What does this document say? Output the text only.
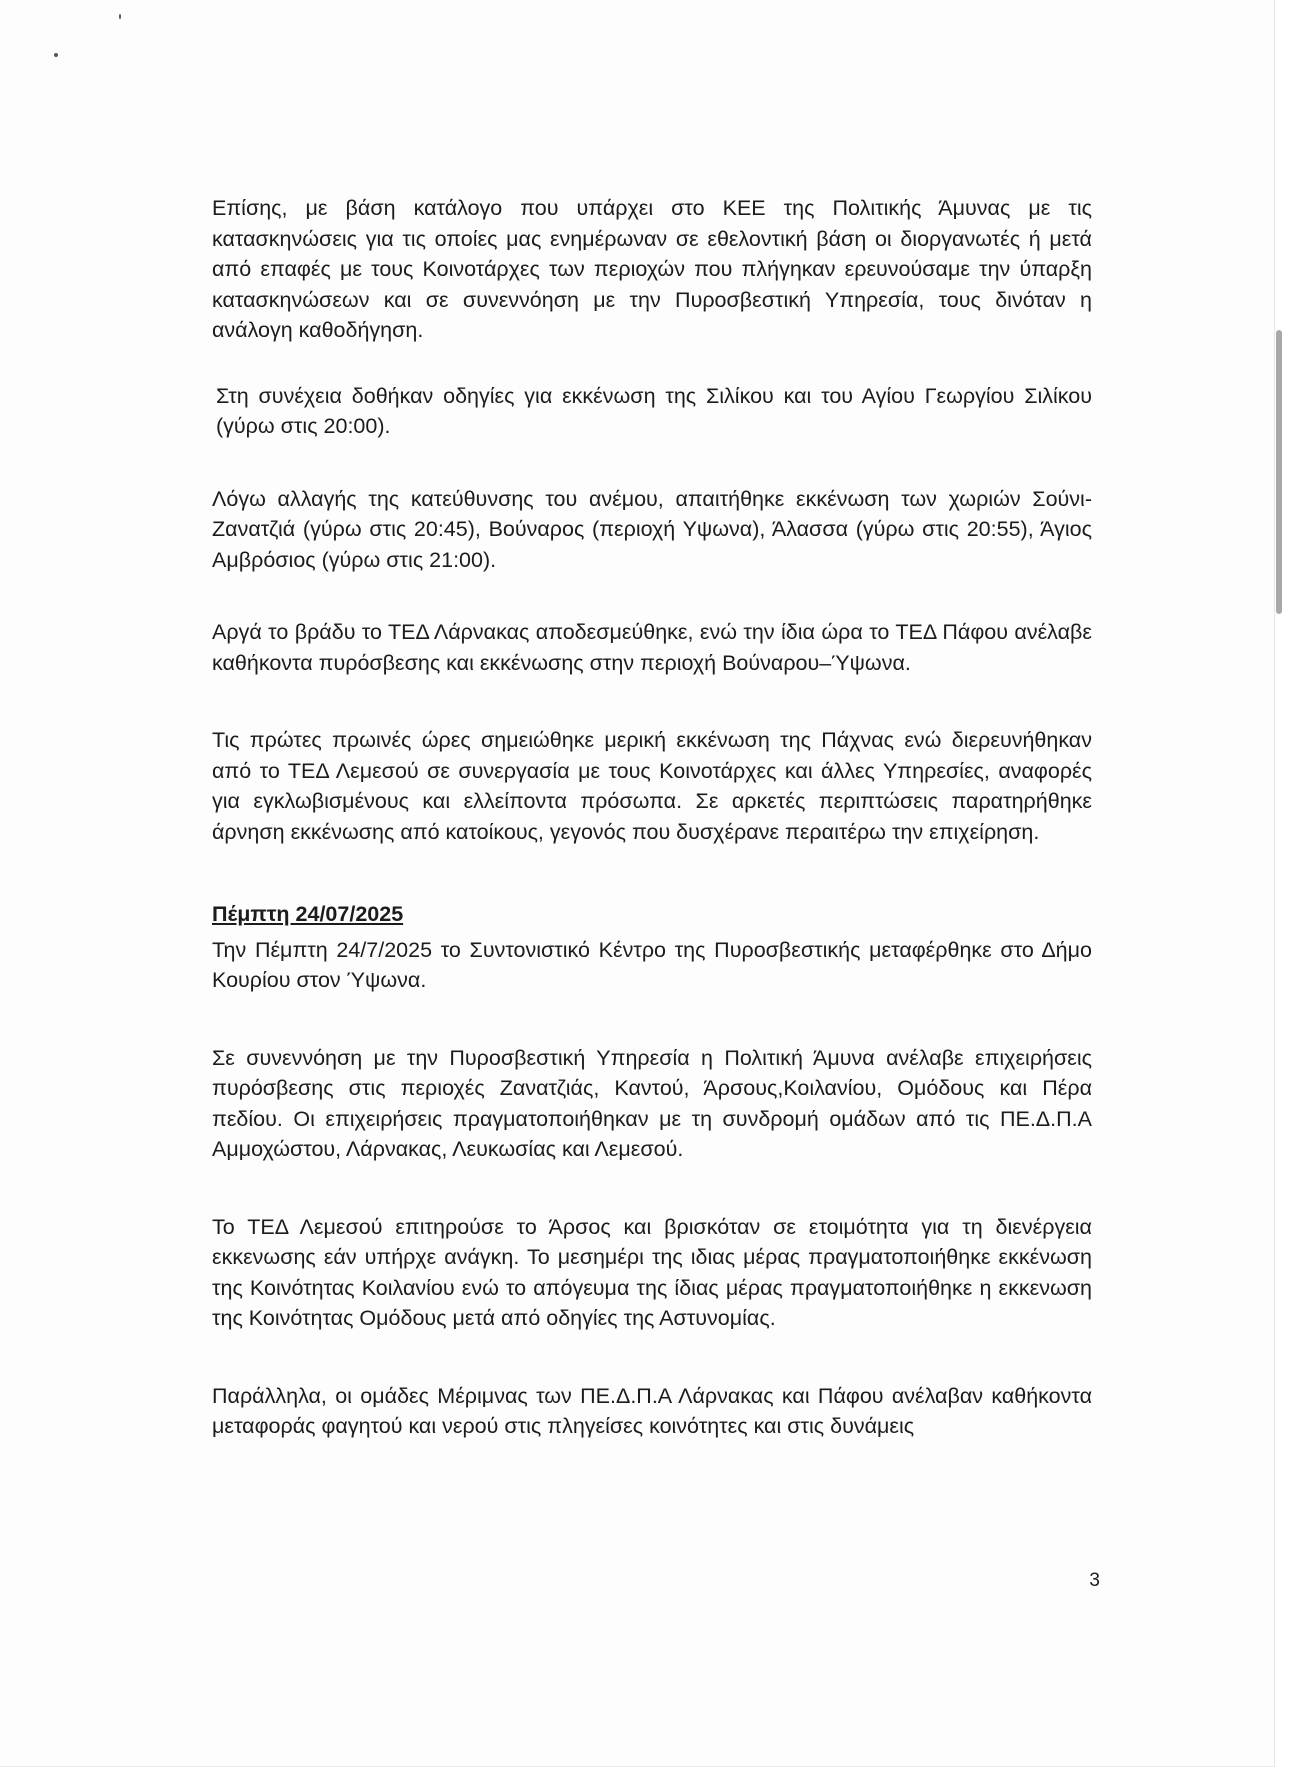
Επίσης, με βάση κατάλογο που υπάρχει στο ΚΕΕ της Πολιτικής Άμυνας με τις κατασκηνώσεις για τις οποίες μας ενημέρωναν σε εθελοντική βάση οι διοργανωτές ή μετά από επαφές με τους Κοινοτάρχες των περιοχών που πλήγηκαν ερευνούσαμε την ύπαρξη κατασκηνώσεων και σε συνεννόηση με την Πυροσβεστική Υπηρεσία, τους δινόταν η ανάλογη καθοδήγηση.

Στη συνέχεια δοθήκαν οδηγίες για εκκένωση της Σιλίκου και του Αγίου Γεωργίου Σιλίκου (γύρω στις 20:00).

Λόγω αλλαγής της κατεύθυνσης του ανέμου, απαιτήθηκε εκκένωση των χωριών Σούνι-Ζανατζιά (γύρω στις 20:45), Βούναρος (περιοχή Υψωνα), Άλασσα (γύρω στις 20:55), Άγιος Αμβρόσιος (γύρω στις 21:00).

Αργά το βράδυ το ΤΕΔ Λάρνακας αποδεσμεύθηκε, ενώ την ίδια ώρα το ΤΕΔ Πάφου ανέλαβε καθήκοντα πυρόσβεσης και εκκένωσης στην περιοχή Βούναρου–Ύψωνα.

Τις πρώτες πρωινές ώρες σημειώθηκε μερική εκκένωση της Πάχνας ενώ διερευνήθηκαν από το ΤΕΔ Λεμεσού σε συνεργασία με τους Κοινοτάρχες και άλλες Υπηρεσίες, αναφορές για εγκλωβισμένους και ελλείποντα πρόσωπα. Σε αρκετές περιπτώσεις παρατηρήθηκε άρνηση εκκένωσης από κατοίκους, γεγονός που δυσχέρανε περαιτέρω την επιχείρηση.

Πέμπτη 24/07/2025

Την Πέμπτη 24/7/2025 το Συντονιστικό Κέντρο της Πυροσβεστικής μεταφέρθηκε στο Δήμο Κουρίου στον Ύψωνα.

Σε συνεννόηση με την Πυροσβεστική Υπηρεσία η Πολιτική Άμυνα ανέλαβε επιχειρήσεις πυρόσβεσης στις περιοχές Ζανατζιάς, Καντού, Άρσους,Κοιλανίου, Ομόδους και Πέρα πεδίου. Οι επιχειρήσεις πραγματοποιήθηκαν με τη συνδρομή ομάδων από τις ΠΕ.Δ.Π.Α Αμμοχώστου, Λάρνακας, Λευκωσίας και Λεμεσού.

Το ΤΕΔ Λεμεσού επιτηρούσε το Άρσος και βρισκόταν σε ετοιμότητα για τη διενέργεια εκκενωσης εάν υπήρχε ανάγκη. Το μεσημέρι της ιδιας μέρας πραγματοποιήθηκε εκκένωση της Κοινότητας Κοιλανίου ενώ το απόγευμα της ίδιας μέρας πραγματοποιήθηκε η εκκενωση της Κοινότητας Ομόδους μετά από οδηγίες της Αστυνομίας.

Παράλληλα, οι ομάδες Μέριμνας των ΠΕ.Δ.Π.Α Λάρνακας και Πάφου ανέλαβαν καθήκοντα μεταφοράς φαγητού και νερού στις πληγείσες κοινότητες και στις δυνάμεις

3
